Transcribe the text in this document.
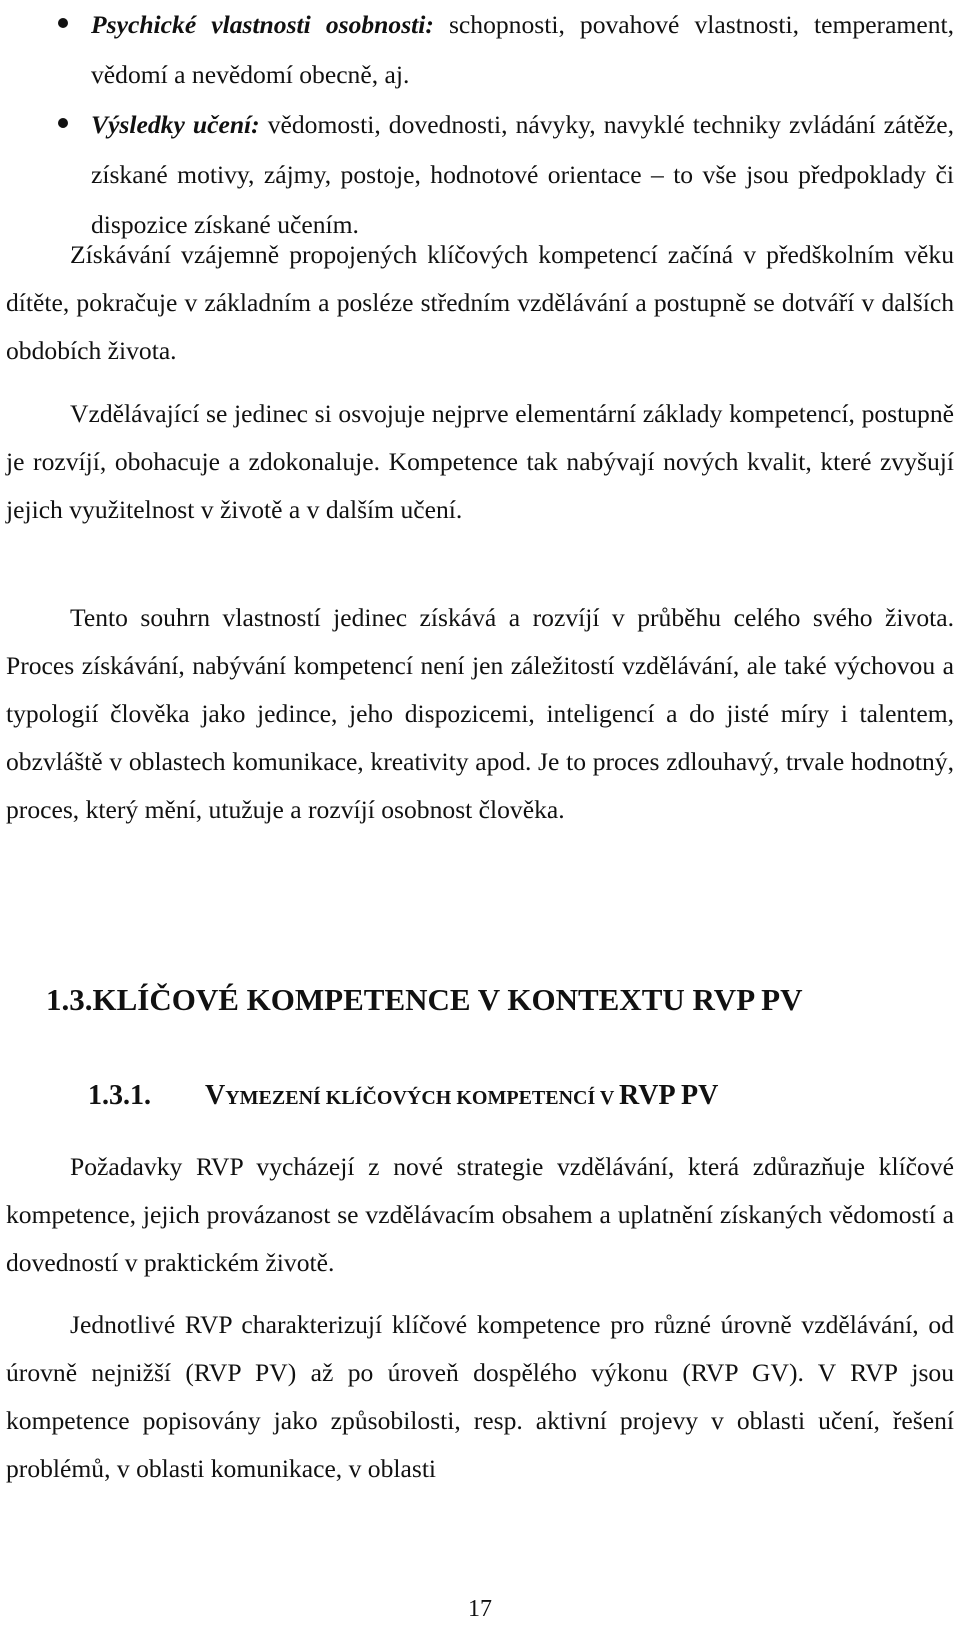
Psychické vlastnosti osobnosti: schopnosti, povahové vlastnosti, temperament, vědomí a nevědomí obecně, aj.
Výsledky učení: vědomosti, dovednosti, návyky, navyklé techniky zvládání zátěže, získané motivy, zájmy, postoje, hodnotové orientace – to vše jsou předpoklady či dispozice získané učením.

Získávání vzájemně propojených klíčových kompetencí začíná v předškolním věku dítěte, pokračuje v základním a posléze středním vzdělávání a postupně se dotváří v dalších obdobích života.

Vzdělávající se jedinec si osvojuje nejprve elementární základy kompetencí, postupně je rozvíjí, obohacuje a zdokonaluje. Kompetence tak nabývají nových kvalit, které zvyšují jejich využitelnost v životě a v dalším učení.

Tento souhrn vlastností jedinec získává a rozvíjí v průběhu celého svého života. Proces získávání, nabývání kompetencí není jen záležitostí vzdělávání, ale také výchovou a typologií člověka jako jedince, jeho dispozicemi, inteligencí a do jisté míry i talentem, obzvláště v oblastech komunikace, kreativity apod. Je to proces zdlouhavý, trvale hodnotný, proces, který mění, utužuje a rozvíjí osobnost člověka.

1.3.KLÍČOVÉ KOMPETENCE V KONTEXTU RVP PV
1.3.1. VYMEZENÍ KLÍČOVÝCH KOMPETENCÍ V RVP PV

Požadavky RVP vycházejí z nové strategie vzdělávání, která zdůrazňuje klíčové kompetence, jejich provázanost se vzdělávacím obsahem a uplatnění získaných vědomostí a dovedností v praktickém životě.

Jednotlivé RVP charakterizují klíčové kompetence pro různé úrovně vzdělávání, od úrovně nejnižší (RVP PV) až po úroveň dospělého výkonu (RVP GV). V RVP jsou kompetence popisovány jako způsobilosti, resp. aktivní projevy v oblasti učení, řešení problémů, v oblasti komunikace, v oblasti

17
